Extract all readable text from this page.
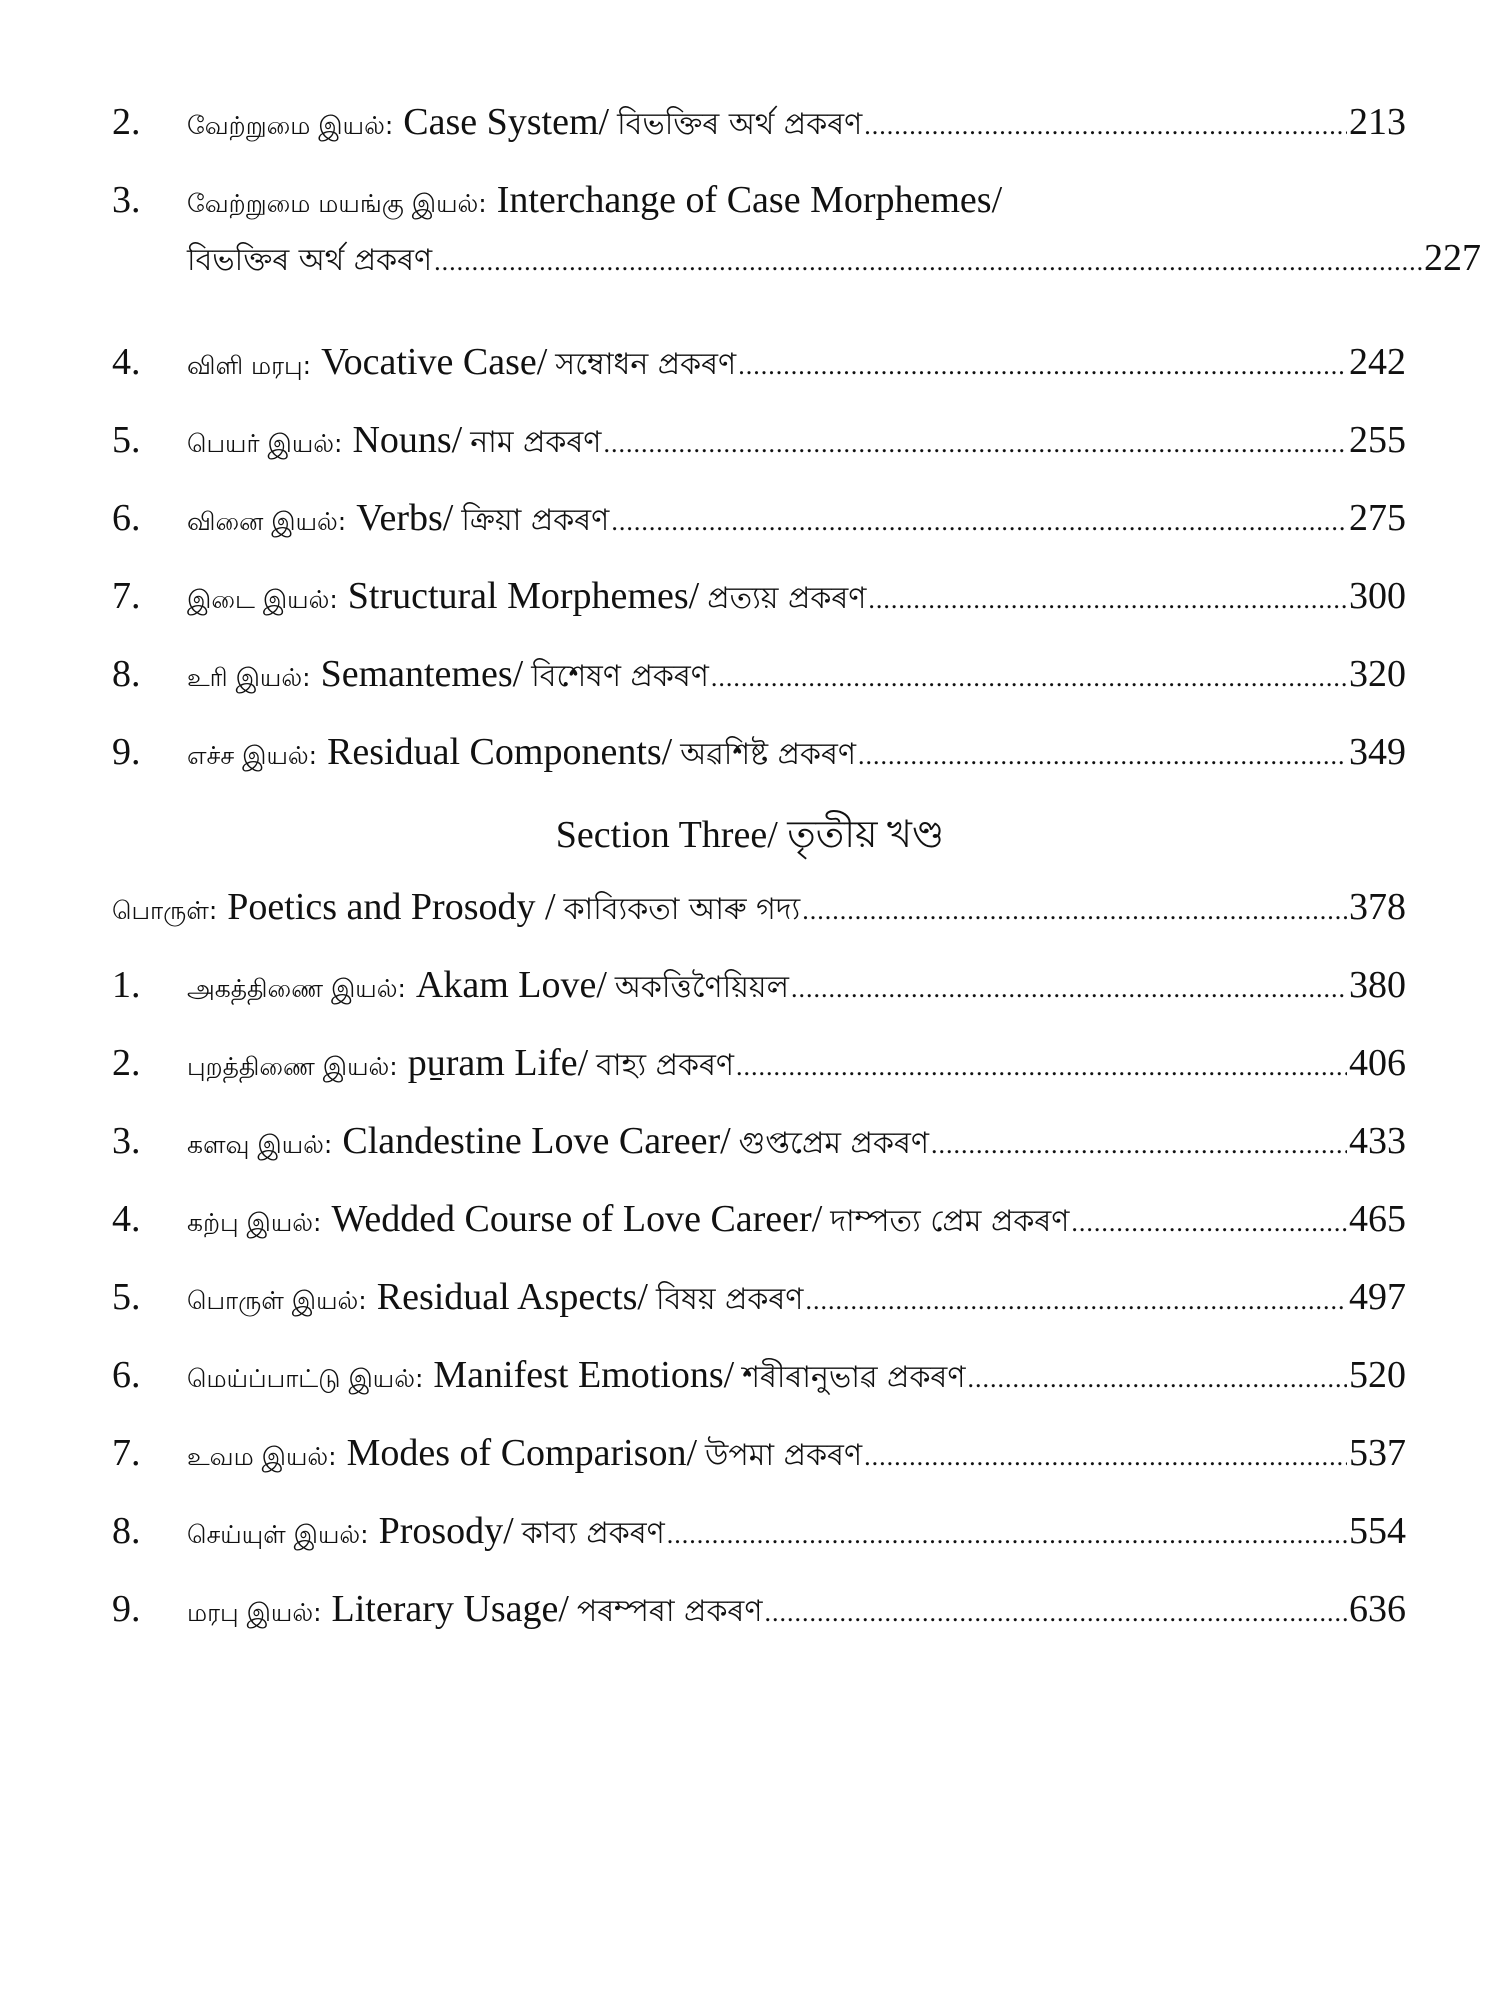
2.	வேற்றுமை இயல்: Case System/ বিভক্তিৰ অৰ্থ প্ৰকৰণ .....	213
3.	வேற்றுமை மயங்கு இயல்: Interchange of Case Morphemes/
বিভক্তিৰ অৰ্থ প্ৰকৰণ .....	227
4.	விளி மரபு: Vocative Case/ সম্বোধন প্ৰকৰণ .....	242
5.	பெயர் இயல்: Nouns/ নাম প্ৰকৰণ .....	255
6.	வினை இயல்: Verbs/ ক্ৰিয়া প্ৰকৰণ .....	275
7.	இடை இயல்: Structural Morphemes/ প্ৰত্যয় প্ৰকৰণ .....	300
8.	உரி இயல்: Semantemes/ বিশেষণ প্ৰকৰণ .....	320
9.	எச்ச இயல்: Residual Components/ অৱশিষ্ট প্ৰকৰণ .....	349
பொருள்: Poetics and Prosody / কাব্যিকতা আৰু গদ্য .....	378
1.	அகத்திணை இயல்: Akam Love/ অকত্তিণৈয়িয়ল .....	380
2.	புறத்திணை இயல்: pu̱ram Life/ বাহ্য প্ৰকৰণ .....	406
3.	களவு இயல்: Clandestine Love Career/ গুপ্তপ্ৰেম প্ৰকৰণ .....	433
4.	கற்பு இயல்: Wedded Course of Love Career/ দাম্পত্য প্ৰেম প্ৰকৰণ .....	465
5.	பொருள் இயல்: Residual Aspects/ বিষয় প্ৰকৰণ .....	497
6.	மெய்ப்பாட்டு இயல்: Manifest Emotions/ শৰীৰানুভাৱ প্ৰকৰণ .....	520
7.	உவம இயல்: Modes of Comparison/ উপমা প্ৰকৰণ .....	537
8.	செய்யுள் இயல்: Prosody/ কাব্য প্ৰকৰণ .....	554
9.	மரபு இயல்: Literary Usage/ পৰম্পৰা প্ৰকৰণ .....	636
Section Three/ তৃতীয় খণ্ড
